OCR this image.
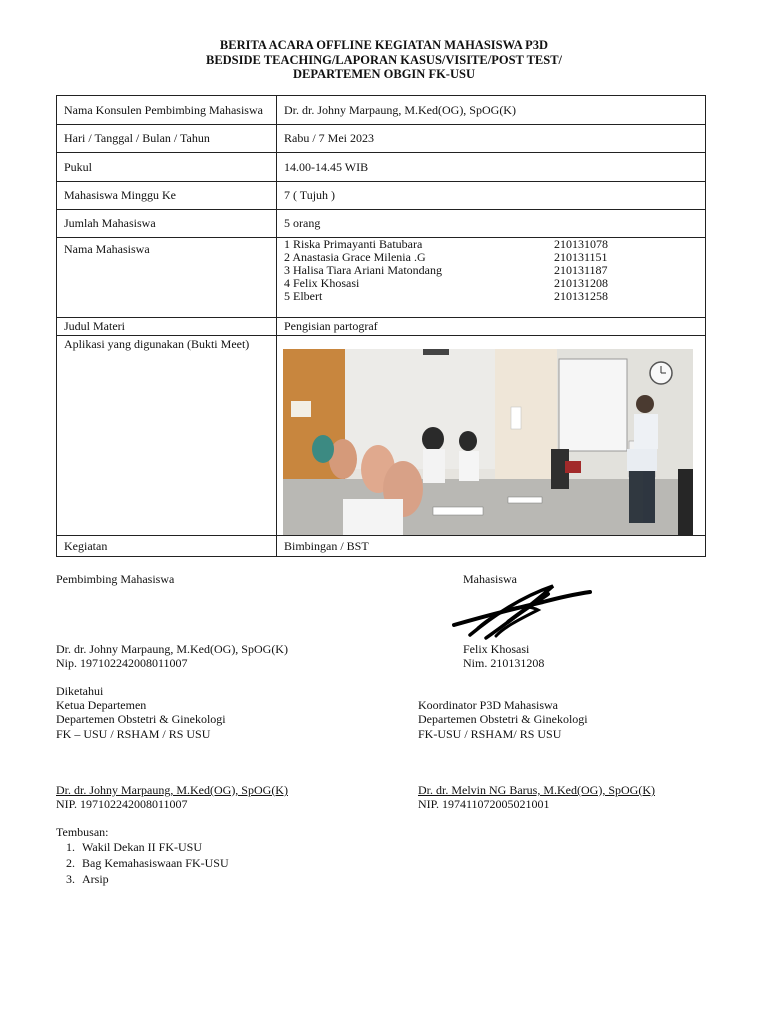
BERITA ACARA OFFLINE KEGIATAN MAHASISWA P3D
BEDSIDE TEACHING/LAPORAN KASUS/VISITE/POST TEST/
DEPARTEMEN OBGIN FK-USU
Nama Konsulen Pembimbing Mahasiswa	Dr. dr. Johny Marpaung, M.Ked(OG), SpOG(K)
Hari / Tanggal / Bulan / Tahun	Rabu / 7 Mei 2023
Pukul	14.00-14.45 WIB
Mahasiswa Minggu Ke	7 ( Tujuh )
Jumlah Mahasiswa	5 orang
Nama Mahasiswa		1 Riska Primayanti Batubara	210131078
2 Anastasia Grace Milenia .G	210131151
3 Halisa Tiara Ariani Matondang	210131187
4 Felix Khosasi	210131208
5 Elbert	210131258

Judul Materi	Pengisian partograf
Aplikasi yang digunakan (Bukti Meet)	

Kegiatan	Bimbingan / BST
Pembimbing Mahasiswa	Mahasiswa
Dr. dr. Johny Marpaung, M.Ked(OG), SpOG(K)
Nip. 197102242008011007
Felix Khosasi
Nim. 210131208
Diketahui
Ketua Departemen
Departemen Obstetri & Ginekologi
FK – USU / RSHAM / RS USU
Koordinator P3D Mahasiswa
Departemen Obstetri & Ginekologi
FK-USU / RSHAM/ RS USU
Dr. dr. Johny Marpaung, M.Ked(OG), SpOG(K)
NIP. 197102242008011007
Dr. dr. Melvin NG Barus, M.Ked(OG), SpOG(K)
NIP. 197411072005021001
Tembusan:
1. Wakil Dekan II FK-USU
2. Bag Kemahasiswaan FK-USU
3. Arsip
